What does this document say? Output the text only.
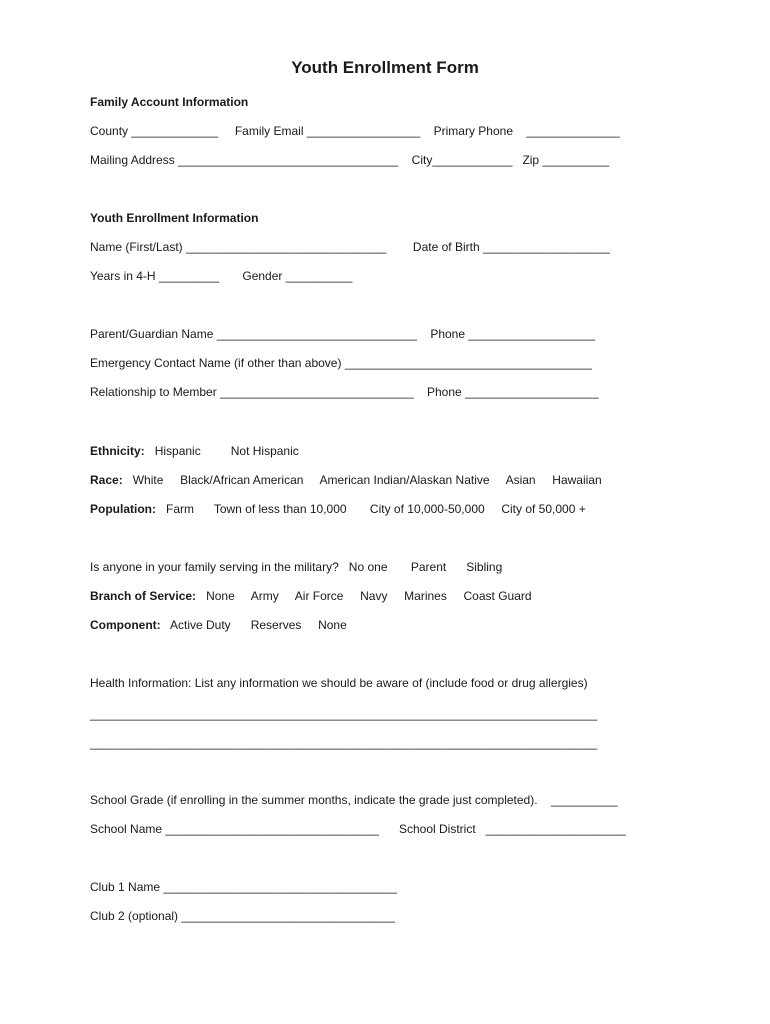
Youth Enrollment Form
Family Account Information
County _____________ Family Email _________________ Primary Phone ______________
Mailing Address _________________________________ City____________ Zip __________
Youth Enrollment Information
Name (First/Last) ______________________________ Date of Birth ___________________
Years in 4-H _________ Gender __________
Parent/Guardian Name ______________________________ Phone ___________________
Emergency Contact Name (if other than above) _____________________________________
Relationship to Member _____________________________ Phone ____________________
Ethnicity: Hispanic	Not Hispanic
Race: White Black/African American American Indian/Alaskan Native Asian Hawaiian
Population: Farm Town of less than 10,000 City of 10,000-50,000 City of 50,000 +
Is anyone in your family serving in the military? No one Parent Sibling
Branch of Service: None Army Air Force Navy Marines Coast Guard
Component: Active Duty Reserves None
Health Information: List any information we should be aware of (include food or drug allergies)
____________________________________________________________________________
____________________________________________________________________________
School Grade (if enrolling in the summer months, indicate the grade just completed). __________
School Name ________________________________ School District _____________________
Club 1 Name ___________________________________
Club 2 (optional) ________________________________
